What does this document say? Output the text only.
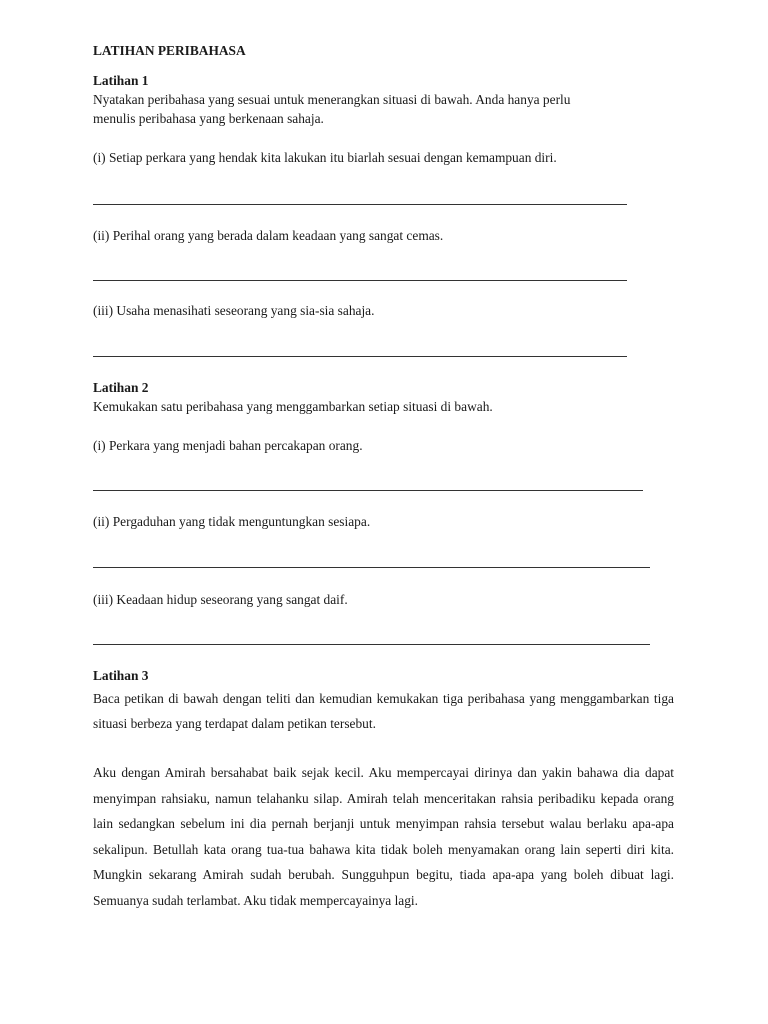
LATIHAN PERIBAHASA
Latihan 1
Nyatakan peribahasa yang sesuai untuk menerangkan situasi di bawah. Anda hanya perlu
menulis peribahasa yang berkenaan sahaja.
(i) Setiap perkara yang hendak kita lakukan itu biarlah sesuai dengan kemampuan diri.
(ii) Perihal orang yang berada dalam keadaan yang sangat cemas.
(iii) Usaha menasihati seseorang yang sia-sia sahaja.
Latihan 2
Kemukakan satu peribahasa yang menggambarkan setiap situasi di bawah.
(i) Perkara yang menjadi bahan percakapan orang.
(ii) Pergaduhan yang tidak menguntungkan sesiapa.
(iii) Keadaan hidup seseorang yang sangat daif.
Latihan 3
Baca petikan di bawah dengan teliti dan kemudian kemukakan tiga peribahasa yang menggambarkan tiga situasi berbeza yang terdapat dalam petikan tersebut.
Aku dengan Amirah bersahabat baik sejak kecil. Aku mempercayai dirinya dan yakin bahawa dia dapat menyimpan rahsiaku, namun telahanku silap. Amirah telah menceritakan rahsia peribadiku kepada orang lain sedangkan sebelum ini dia pernah berjanji untuk menyimpan rahsia tersebut walau berlaku apa-apa sekalipun. Betullah kata orang tua-tua bahawa kita tidak boleh menyamakan orang lain seperti diri kita. Mungkin sekarang Amirah sudah berubah. Sungguhpun begitu, tiada apa-apa yang boleh dibuat lagi. Semuanya sudah terlambat. Aku tidak mempercayainya lagi.
